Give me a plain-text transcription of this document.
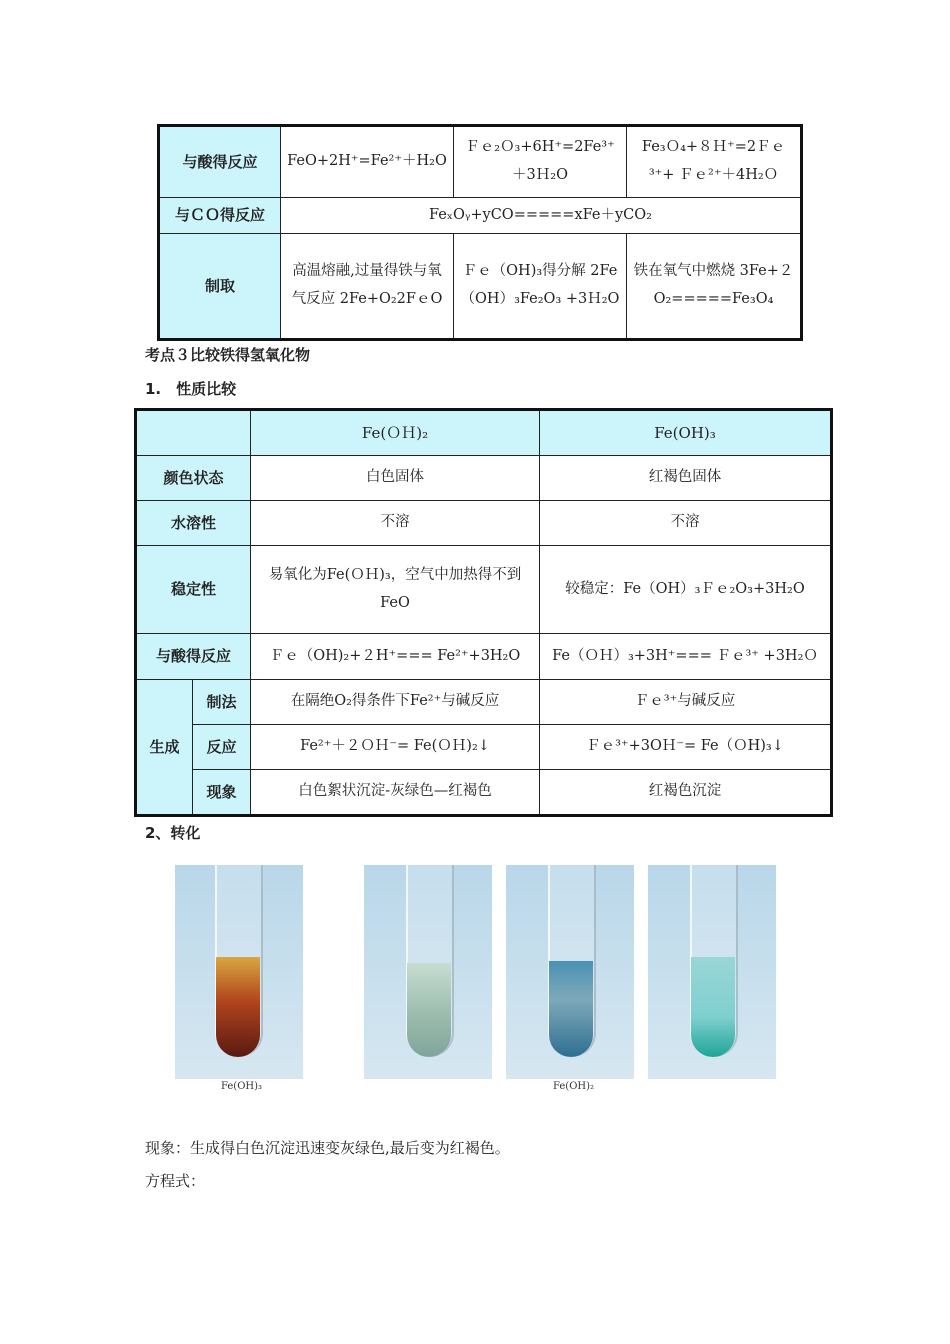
与酸得反应	FeO+2H⁺=Fe²⁺＋H₂O	Ｆｅ₂Ｏ₃+6H⁺=2Fe³⁺＋3Ｈ₂O	Fe₃Ｏ₄+８Ｈ⁺=2Ｆｅ³⁺+ Ｆｅ²⁺＋4H₂Ｏ
与ＣＯ得反应	FeₓOᵧ+yCO=====xFe＋yCO₂		
制取	高温熔融,过量得铁与氧气反应 2Fe+O₂2FｅO	Ｆｅ（OH)₃得分解 2Fe（OH）₃Fe₂O₃ +3Ｈ₂O	铁在氧气中燃烧 3Fe+２O₂=====Fe₃O₄
考点３比较铁得氢氧化物
1.　性质比较
		Fe(ＯＨ)₂	Fe(OH)₃
颜色状态		白色固体	红褐色固体
水溶性		不溶	不溶
稳定性		易氧化为Fe(ＯＨ)₃，空气中加热得不到FeO	较稳定：Fe（OH）₃Ｆｅ₂O₃+3H₂O
与酸得反应		Ｆｅ（OH)₂+２H⁺=== Fe²⁺+3H₂O	Fe（ＯＨ）₃+3H⁺=== Ｆｅ³⁺ +3H₂Ｏ
生成	制法	在隔绝O₂得条件下Fe²⁺与碱反应	Ｆｅ³⁺与碱反应
	反应	Fe²⁺＋２ＯＨ⁻= Fe(ＯＨ)₂↓	Ｆｅ³⁺+3OＨ⁻= Fe（ＯH)₃↓
	现象	白色絮状沉淀-灰绿色—红褐色	红褐色沉淀
2、转化
Fe(OH)₃	Fe(OH)₂
现象：生成得白色沉淀迅速变灰绿色,最后变为红褐色。
方程式：
